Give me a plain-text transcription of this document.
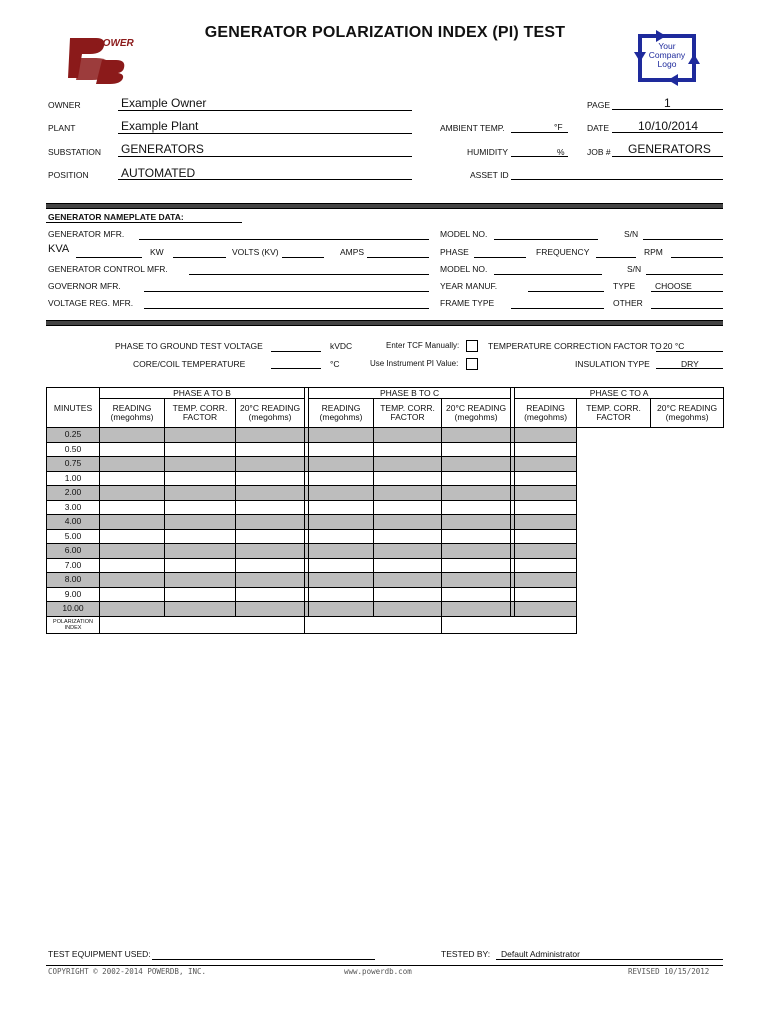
POWER
GENERATOR POLARIZATION INDEX (PI) TEST
Your Company Logo
OWNER	Example Owner
PLANT	Example Plant
SUBSTATION GENERATORS
POSITION	AUTOMATED
AMBIENT TEMP.	°F
HUMIDITY	%
ASSET ID
PAGE	1
DATE 10/10/2014
JOB # GENERATORS
GENERATOR NAMEPLATE DATA:
GENERATOR MFR.
KVA	KW	VOLTS (KV)	AMPS
GENERATOR CONTROL MFR.
GOVERNOR MFR.
VOLTAGE REG. MFR.
MODEL NO.	S/N
PHASE	FREQUENCY	RPM
MODEL NO.	S/N
YEAR MANUF.	TYPE CHOOSE
FRAME TYPE	OTHER
PHASE TO GROUND TEST VOLTAGE	kVDC
CORE/COIL TEMPERATURE	°C
Enter TCF Manually:
Use Instrument PI Value:
TEMPERATURE CORRECTION FACTOR TO 20 °C
INSULATION TYPE	DRY
MINUTES	PHASE A TO B				PHASE B TO C				PHASE C TO A		
	READING (megohms)	TEMP. CORR. FACTOR	20°C READING (megohms)		READING (megohms)	TEMP. CORR. FACTOR	20°C READING (megohms)		READING (megohms)	TEMP. CORR. FACTOR	20°C READING (megohms)
0.25											
0.50											
0.75											
1.00											
2.00											
3.00											
4.00											
5.00											
6.00											
7.00											
8.00											
9.00											
10.00											
POLARIZATION INDEX											
TEST EQUIPMENT USED:	TESTED BY: Default Administrator
COPYRIGHT © 2002-2014 POWERDB, INC.	www.powerdb.com	REVISED 10/15/2012
